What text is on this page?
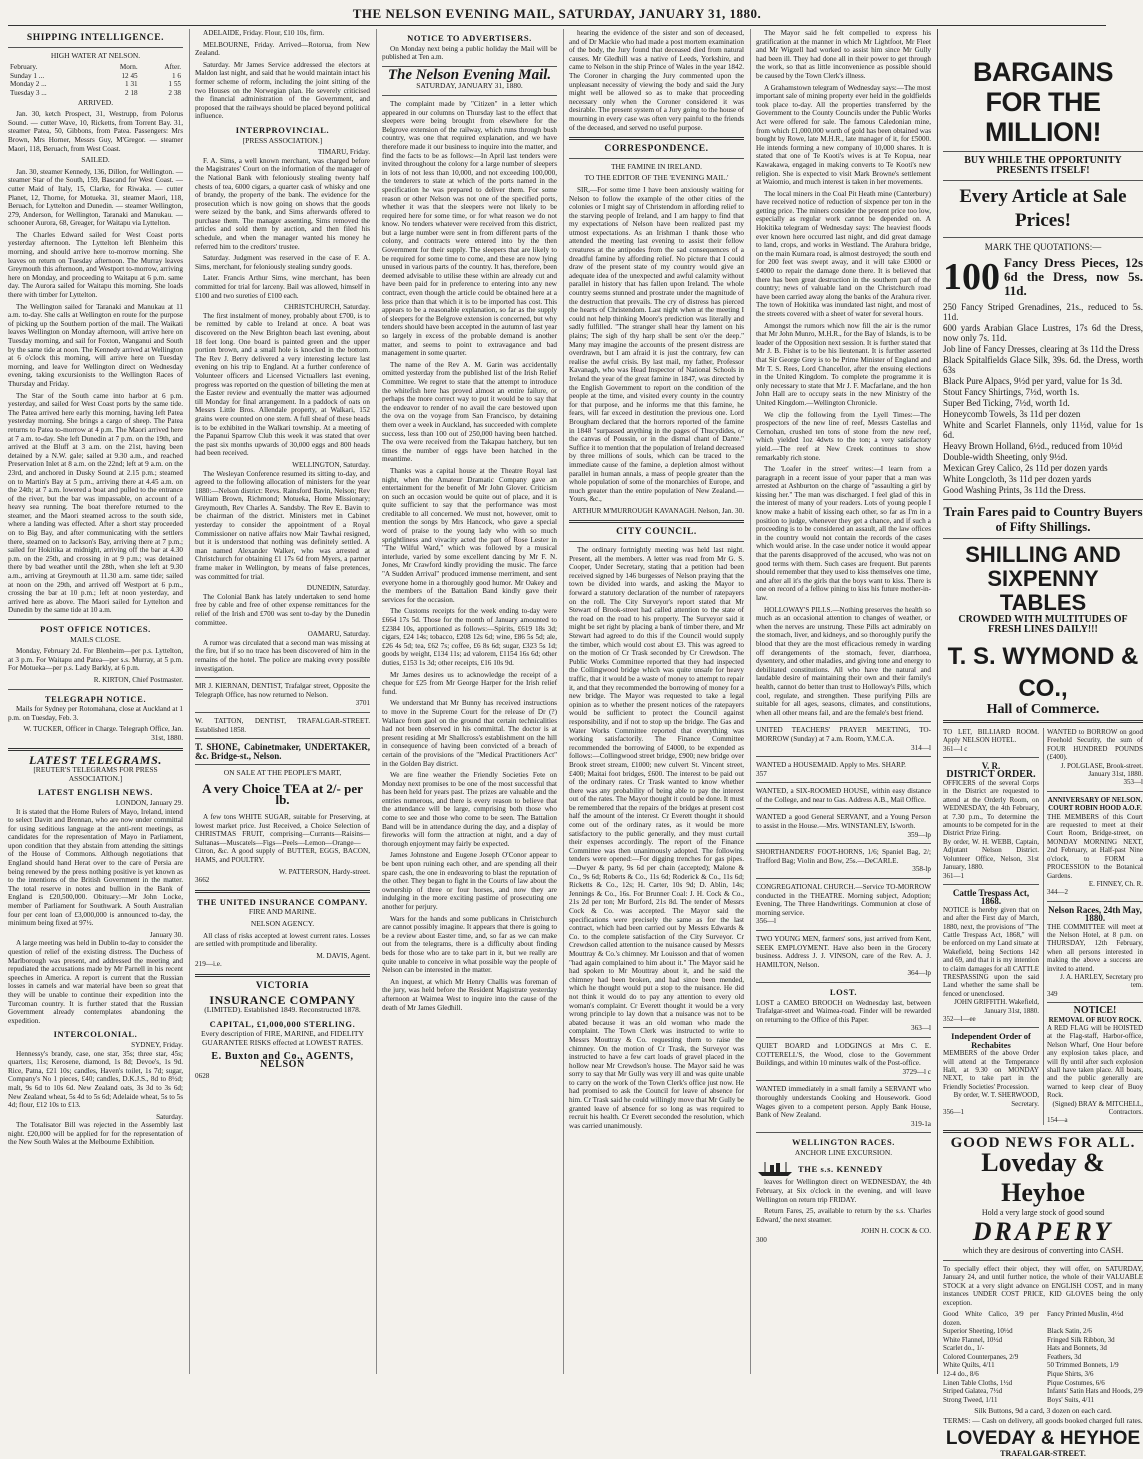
THE NELSON EVENING MAIL, SATURDAY, JANUARY 31, 1880.
SHIPPING INTELLIGENCE.
HIGH WATER AT NELSON.
February.	Morn.	After.
Sunday 1 ...	12 45	1 6
Monday 2 ...	1 31	1 55
Tuesday 3 ...	2 18	2 38
ARRIVED.

Jan. 30, ketch Prospect, 31, Westrupp, from Polorus Sound. — cutter Wave, 10, Ricketts, from Torrent Bay. 31, steamer Patea, 50, Gibbons, from Patea. Passengers: Mrs Brown, Mrs Horner, Messrs Guy, M'Gregor. — steamer Maori, 118, Beruach, from West Coast.

SAILED.

Jan. 30, steamer Kennedy, 136, Dillon, for Wellington. — steamer Star of the South, 159, Bascand for West Coast. — cutter Maid of Italy, 15, Clarke, for Riwaka. — cutter Planet, 12, Thorne, for Motueka. 31, steamer Maori, 118, Beruach, for Lyttelton and Dunedin. — steamer Wellington, 279, Anderson, for Wellington, Taranaki and Manukau. — schooner Aurora, 68, Greager, for Waitapu via Lyttelton.

The Charles Edward sailed for West Coast ports yesterday afternoon. The Lyttelton left Blenheim this morning, and should arrive here to-morrow morning. She leaves on return on Tuesday afternoon. The Murray leaves Greymouth this afternoon, and Westport to-morrow, arriving here on Monday, and proceeding to Waitapu at 6 p.m. same day. The Aurora sailed for Waitapu this morning. She loads there with timber for Lyttelton.

The Wellington sailed for Taranaki and Manukau at 11 a.m. to-day. She calls at Wellington en route for the purpose of picking up the Southern portion of the mail. The Waikati leaves Wellington on Monday afternoon, will arrive here on Tuesday morning, and sail for Foxton, Wanganui and South by the same tide at noon. The Kennedy arrived at Wellington at 6 o'clock this morning, will arrive here on Tuesday morning, and leave for Wellington direct on Wednesday evening, taking excursionists to the Wellington Races of Thursday and Friday.

The Star of the South came into harbor at 6 p.m. yesterday, and sailed for West Coast ports by the same tide. The Patea arrived here early this morning, having left Patea yesterday morning. She brings a cargo of sheep. The Patea returns to Patea to-morrow at 4 p.m. The Maori arrived here at 7 a.m. to-day. She left Dunedin at 7 p.m. on the 19th, and arrived at the Bluff at 3 a.m. on the 21st, having been detained by a N.W. gale; sailed at 9.30 a.m., and reached Preservation Inlet at 8 a.m. on the 22nd; left at 9 a.m. on the 23rd, and anchored in Dusky Sound at 2.15 p.m.; steamed on to Martin's Bay at 5 p.m., arriving there at 4.45 a.m. on the 24th; at 7 a.m. lowered a boat and pulled to the entrance of the river, but the bar was impassable, on account of a heavy sea running. The boat therefore returned to the steamer, and the Maori steamed across to the south side, where a landing was effected. After a short stay proceeded on to Big Bay, and after communicating with the settlers there, steamed on to Jackson's Bay, arriving there at 7 p.m.; sailed for Hokitika at midnight, arriving off the bar at 4.30 p.m. on the 25th, and crossing in at 9 p.m.; was detained there by bad weather until the 28th, when she left at 9.30 a.m., arriving at Greymouth at 11.30 a.m. same tide; sailed at noon on the 29th, and arrived off Westport at 6 p.m., crossing the bar at 10 p.m.; left at noon yesterday, and arrived here as above. The Maori sailed for Lyttelton and Dunedin by the same tide at 10 a.m.

POST OFFICE NOTICES.
MAILS CLOSE.

Monday, February 2d. For Blenheim—per p.s. Lyttelton, at 3 p.m. For Waitapu and Patea—per s.s. Murray, at 5 p.m. For Motueka—per p.s. Lady Barkly, at 6 p.m.

R. KIRTON, Chief Postmaster.
TELEGRAPH NOTICE.

Mails for Sydney per Rotomahana, close at Auckland at 1 p.m. on Tuesday, Feb. 3.

W. TUCKER, Officer in Charge. Telegraph Office, Jan. 31st, 1880.
LATEST TELEGRAMS.
[REUTER'S TELEGRAMS FOR PRESS ASSOCIATION.]
LATEST ENGLISH NEWS.
LONDON, January 29.

It is stated that the Home Rulers of Mayo, Ireland, intend to select Davitt and Brennan, who are now under committal for using seditious language at the anti-rent meetings, as candidates for the representation of Mayo in Parliament, upon condition that they abstain from attending the sittings of the House of Commons. Although negotiations that England should hand Herat over to the care of Persia are being renewed by the press nothing positive is yet known as to the intentions of the British Government in the matter. The total reserve in notes and bullion in the Bank of England is £20,500,000. Obituary:—Mr John Locke, member of Parliament for Southwark. A South Australian four per cent loan of £3,000,000 is announced to-day, the minimum being fixed at 97½.

January 30.

A large meeting was held in Dublin to-day to consider the question of relief of the existing distress. The Duchess of Marlborough was present, and addressed the meeting and repudiated the accusations made by Mr Parnell in his recent speeches in America. A report is current that the Russian losses in camels and war material have been so great that they will be unable to continue their expedition into the Turcoman country. It is further stated that the Russian Government already contemplates abandoning the expedition.

INTERCOLONIAL.
SYDNEY, Friday.

Hennessy's brandy, case, one star, 35s; three star, 45s; quarters, 11s; Kerosene, diamond, 1s 8d; Devoe's, 1s 9d. Rice, Patna, £21 10s; candles, Haven's toilet, 1s 7d; sugar, Company's No 1 pieces, £40; candles, D.K.J.S., 8d to 8½d; malt, 9s 6d to 10s 6d. New Zealand oats, 3s 3d to 3s 6d; New Zealand wheat, 5s 4d to 5s 6d; Adelaide wheat, 5s to 5s 4d; flour, £12 10s to £13.

Saturday.

The Totalisator Bill was rejected in the Assembly last night. £20,000 will be applied for for the representation of the New South Wales at the Melbourne Exhibition.

ADELAIDE, Friday. Flour, £10 10s, firm.

MELBOURNE, Friday. Arrived—Rotorua, from New Zealand.

Saturday. Mr James Service addressed the electors at Maldon last night, and said that he would maintain intact his former scheme of reform, including the joint sitting of the two Houses on the Norwegian plan. He severely criticised the financial administration of the Government, and proposed that the railways should be placed beyond political influence.

INTERPROVINCIAL.
[PRESS ASSOCIATION.]
TIMARU, Friday.

F. A. Sims, a well known merchant, was charged before the Magistrates' Court on the information of the manager of the National Bank with feloniously stealing twenty half chests of tea, 6000 cigars, a quarter cask of whisky and one of brandy, the property of the bank. The evidence for the prosecution which is now going on shows that the goods were seized by the bank, and Sims afterwards offered to purchase them. The manager assenting, Sims removed the articles and sold them by auction, and then filed his schedule, and when the manager wanted his money he referred him to the creditors' trustee.

Saturday. Judgment was reserved in the case of F. A. Sims, merchant, for feloniously stealing sundry goods.

Later. Francis Arthur Sims, wine merchant, has been committed for trial for larceny. Bail was allowed, himself in £100 and two sureties of £100 each.

CHRISTCHURCH, Saturday.

The first instalment of money, probably about £700, is to be remitted by cable to Ireland at once. A boat was discovered on the New Brighton beach last evening, about 18 feet long. One board is painted green and the upper portion brown, and a small hole is knocked in the bottom. The Rev J. Berry delivered a very interesting lecture last evening on his trip to England. At a further conference of Volunteer officers and Licensed Victuallers last evening, progress was reported on the question of billeting the men at the Easter review and eventually the matter was adjourned till Monday for final arrangement. In a paddock of oats on Messrs Little Bros. Allendale property, at Walkari, 152 grains were counted on one stem. A full sheaf of these heads is to be exhibited in the Walkari township. At a meeting of the Papanui Sparrow Club this week it was stated that over the past six months upwards of 30,000 eggs and 800 heads had been received.

WELLINGTON, Saturday.

The Wesleyan Conference resumed its sitting to-day, and agreed to the following allocation of ministers for the year 1880:—Nelson district: Revs. Rainsford Bavin, Nelson; Rev William Brown, Richmond; Motueka, Home Missionary; Greymouth, Rev Charles A. Sandsby. The Rev E. Bavin to be chairman of the district. Ministers met in Cabinet yesterday to consider the appointment of a Royal Commissioner on native affairs now Mair Tawhai resigned, but it is understood that nothing was definitely settled. A man named Alexander Walker, who was arrested at Christchurch for obtaining £1 17s 6d from Myers, a partner frame maker in Wellington, by means of false pretences, was committed for trial.

DUNEDIN, Saturday.

The Colonial Bank has lately undertaken to send home free by cable and free of other expense remittances for the relief of the Irish and £700 was sent to-day by the Dunedin committee.

OAMARU, Saturday.

A rumor was circulated that a second man was missing at the fire, but if so no trace has been discovered of him in the remains of the hotel. The police are making every possible investigation.

MR J. KIERNAN, DENTIST, Trafalgar street, Opposite the Telegraph Office, has now returned to Nelson.
3701
W. TATTON, DENTIST, TRAFALGAR-STREET. Established 1858.
T. SHONE, Cabinetmaker, UNDERTAKER, &c. Bridge-st., Nelson.
ON SALE AT THE PEOPLE'S MART,
A very Choice TEA at 2/- per lb.

A few tons WHITE SUGAR, suitable for Preserving, at lowest market price. Just Received, a Choice Selection of CHRISTMAS FRUIT, comprising—Currants—Raisins—Sultanas—Muscatels—Figs—Peels—Lemon—Orange—Citron, &c. A good supply of BUTTER, EGGS, BACON, HAMS, and POULTRY.

W. PATTERSON, Hardy-street.
3662
THE UNITED INSURANCE COMPANY.
FIRE AND MARINE.
NELSON AGENCY.

All class of risks accepted at lowest current rates. Losses are settled with promptitude and liberality.

M. DAVIS, Agent.
219—i.e.
VICTORIA
INSURANCE COMPANY
(LIMITED). Established 1849. Reconstructed 1878.
CAPITAL, £1,000,000 STERLING.
Every description of FIRE, MARINE, and FIDELITY GUARANTEE RISKS effected at LOWEST RATES.
E. Buxton and Co., AGENTS, NELSON
0628
NOTICE TO ADVERTISERS.

On Monday next being a public holiday the Mail will be published at Ten a.m.

The Nelson Evening Mail.
SATURDAY, JANUARY 31, 1880.

The complaint made by "Citizen" in a letter which appeared in our columns on Thursday last to the effect that sleepers were being brought from elsewhere for the Belgrove extension of the railway, which runs through bush country, was one that required explanation, and we have therefore made it our business to inquire into the matter, and find the facts to be as follows:—In April last tenders were invited throughout the colony for a large number of sleepers in lots of not less than 10,000, and not exceeding 100,000, the tenderers to state at which of the ports named in the specification he was prepared to deliver them. For some reason or other Nelson was not one of the specified ports, whether it was that the sleepers were not likely to be required here for some time, or for what reason we do not know. No tenders whatever were received from this district, but a large number were sent in from different parts of the colony, and contracts were entered into by the then Government for their supply. The sleepers that are likely to be required for some time to come, and these are now lying unused in various parts of the country. It has, therefore, been deemed advisable to utilise these within are already cut and have been paid for in preference to entering into any new contract, even though the article could be obtained here at a less price than that which it is to be imported has cost. This appears to be a reasonable explanation, so far as the supply of sleepers for the Belgrove extension is concerned, but why tenders should have been accepted in the autumn of last year so largely in excess of the probable demand is another matter, and seems to point to extravagance and bad management in some quarter.

The name of the Rev A. M. Garin was accidentally omitted yesterday from the published list of the Irish Relief Committee. We regret to state that the attempt to introduce the whitefish here has proved almost an entire failure, or perhaps the more correct way to put it would be to say that the endeavor to render of no avail the care bestowed upon the ova on the voyage from San Francisco, by detaining them over a week in Auckland, has succeeded with complete success, less than 100 out of 250,000 having been hatched. The ova were received from the Takapau hatchery, but ten times the number of eggs have been hatched in the meantime.

Thanks was a capital house at the Theatre Royal last night, when the Amateur Dramatic Company gave an entertainment for the benefit of Mr John Glover. Criticism on such an occasion would be quite out of place, and it is quite sufficient to say that the performance was most creditable to all concerned. We must not, however, omit to mention the songs by Mrs Hancock, who gave a special word of praise to the young lady who with so much sprightliness and vivacity acted the part of Rose Lester in "The Wilful Ward," which was followed by a musical interlude, varied by some excellent dancing by Mr F. N. Jones, Mr Crawford kindly providing the music. The farce "A Sudden Arrival" produced immense merriment, and sent everyone home in a thoroughly good humor. Mr Oakey and the members of the Battalion Band kindly gave their services for the occasion.

The Customs receipts for the week ending to-day were £664 17s 5d. Those for the month of January amounted to £2384 10s, apportioned as follows:—Spirits, £619 18s 3d; cigars, £24 14s; tobacco, £208 12s 6d; wine, £86 5s 5d; ale, £26 4s 5d; tea, £62 7s; coffee, £6 8s 6d; sugar, £323 5s 1d; goods by weight, £134 11s; ad valorem, £1154 16s 6d; other duties, £153 1s 3d; other receipts, £16 10s 9d.

Mr James desires us to acknowledge the receipt of a cheque for £25 from Mr George Harper for the Irish relief fund.

We understand that Mr Bunny has received instructions to move in the Supreme Court for the release of Dr (?) Wallace from gaol on the ground that certain technicalities had not been observed in his committal. The doctor is at present residing at Mr Shallcross's establishment on the hill in consequence of having been convicted of a breach of certain of the provisions of the "Medical Practitioners Act" in the Golden Bay district.

We are fine weather the Friendly Societies Fete on Monday next promises to be one of the most successful that has been held for years past. The prizes are valuable and the entries numerous, and there is every reason to believe that the attendance will be large, comprising both those who come to see and those who come to be seen. The Battalion Band will be in attendance during the day, and a display of fireworks will form the attraction at night, and a day of thorough enjoyment may fairly be expected.

James Johnstone and Eugene Joseph O'Conor appear to be bent upon ruining each other, and are spending all their spare cash, the one in endeavoring to blast the reputation of the other. They began to fight in the Courts of law about the ownership of three or four horses, and now they are indulging in the more exciting pastime of prosecuting one another for perjury.

Wars for the hands and some publicans in Christchurch are cannot possibly imagine. It appears that there is going to be a review about Easter time, and, so far as we can make out from the telegrams, there is a difficulty about finding beds for those who are to take part in it, but we really are quite unable to conceive in what possible way the people of Nelson can be interested in the matter.

An inquest, at which Mr Henry Challis was foreman of the jury, was held before the Resident Magistrate yesterday afternoon at Waimea West to inquire into the cause of the death of Mr James Gledhill.

hearing the evidence of the sister and son of deceased, and of Dr Mackie who had made a post mortem examination of the body, the Jury found that deceased died from natural causes. Mr Gledhill was a native of Leeds, Yorkshire, and came to Nelson in the ship Prince of Wales in the year 1842. The Coroner in charging the Jury commented upon the unpleasant necessity of viewing the body and said the Jury might well be allowed so as to make that proceeding necessary only when the Coroner considered it was desirable. The present system of a Jury going to the house of mourning in every case was often very painful to the friends of the deceased, and served no useful purpose.

CORRESPONDENCE.
THE FAMINE IN IRELAND.
TO THE EDITOR OF THE 'EVENING MAIL.'

SIR,—For some time I have been anxiously waiting for Nelson to follow the example of the other cities of the colonies or I might say of Christendom in affording relief to the starving people of Ireland, and I am happy to find that my expectations of Nelson have been realized past my utmost expectations. As an Irishman I thank those who attended the meeting last evening to assist their fellow creatures at the antipodes from the sad consequences of a dreadful famine by affording relief. No picture that I could draw of the present state of my country would give an adequate idea of the unexpected and awful calamity without parallel in history that has fallen upon Ireland. The whole country seems stunned and prostrate under the magnitude of the destruction that prevails. The cry of distress has pierced the hearts of Christendom. Last night when at the meeting I could not help thinking Moore's prediction was literally and sadly fulfilled. "The stranger shall hear thy lament on his plains; The sigh of thy harp shall be sent o'er the deep." Many may imagine the accounts of the present distress are overdrawn, but I am afraid it is just the contrary, few can realise the awful crisis. By last mail, my father, Professor Kavanagh, who was Head Inspector of National Schools in Ireland the year of the great famine in 1847, was directed by the English Government to report on the condition of the people at the time, and visited every county in the country for that purpose, and he informs me that this famine, he fears, will far exceed in destitution the previous one. Lord Brougham declared that the horrors reported of the famine in 1848 "surpassed anything in the pages of Thucydides, or the canvas of Poussin, or in the dismal chant of Dante." Suffice it to mention that the population of Ireland decreased by three millions of souls, which can be traced to the immediate cause of the famine, a depletion almost without parallel in human annals, a mass of people greater than the whole population of some of the monarchies of Europe, and much greater than the entire population of New Zealand.—Yours, &c.,

ARTHUR M'MURROUGH KAVANAGH. Nelson, Jan. 30.
CITY COUNCIL.

The ordinary fortnightly meeting was held last night. Present, all the members. A letter was read from Mr G. S. Cooper, Under Secretary, stating that a petition had been received signed by 146 burgesses of Nelson praying that the town be divided into wards, and asking the Mayor to forward a statutory declaration of the number of ratepayers on the roll. The City Surveyor's report stated that Mr Stewart of Brook-street had called attention to the state of the road on the road to his property. The Surveyor said it might be set right by placing a bank of timber there, and Mr Stewart had agreed to do this if the Council would supply the timber, which would cost about £3. This was agreed to on the motion of Cr Trask seconded by Cr Crewdson. The Public Works Committee reported that they had inspected the Collingwood bridge which was quite unsafe for heavy traffic, that it would be a waste of money to attempt to repair it, and that they recommended the borrowing of money for a new bridge. The Mayor was requested to take a legal opinion as to whether the present notices of the ratepayers would be sufficient to protect the Council against responsibility, and if not to stop up the bridge. The Gas and Water Works Committee reported that everything was working satisfactorily. The Finance Committee recommended the borrowing of £4000, to be expended as follows:—Collingwood street bridge, £900; new bridge over Brook street stream, £1000; new culvert St. Vincent street, £400; Maitai foot bridges, £600. The interest to be paid out of the ordinary rates. Cr Trask wanted to know whether there was any probability of being able to pay the interest out of the rates. The Mayor thought it could be done. It must be remembered that the repairs of the bridges at present cost half the amount of the interest. Cr Everett thought it should come out of the ordinary rates, as it would be more satisfactory to the public generally, and they must curtail their expenses accordingly. The report of the Finance Committee was then unanimously adopted. The following tenders were opened:—For digging trenches for gas pipes.—Dwyer & party, 9s 6d per chain (accepted); Malone & Co., 9s 6d; Roberts & Co., 11s 6d; Roderick & Co., 11s 6d; Ricketts & Co., 12s; H. Carter, 10s 9d; D. Ablin, 14s; Jennings & Co., 16s. For Brunner Coal: J. H. Cock & Co., 21s 2d per ton; Mr Burford, 21s 8d. The tender of Messrs Cock & Co. was accepted. The Mayor said the specifications were precisely the same as for the last contract, which had been carried out by Messrs Edwards & Co. to the complete satisfaction of the City Surveyor. Cr Crewdson called attention to the nuisance caused by Messrs Mouttray & Co.'s chimney. Mr Louisson and that of women "had again complained to him about it." The Mayor said he had spoken to Mr Mouttray about it, and he said the chimney had been broken, and had since been mended, which he thought would put a stop to the nuisance. He did not think it would do to pay any attention to every old woman's complaint. Cr Everett thought it would be a very wrong principle to lay down that a nuisance was not to be abated because it was an old woman who made the complaint. The Town Clerk was instructed to write to Messrs Mouttray & Co. requesting them to raise the chimney. On the motion of Cr Trask, the Surveyor was instructed to have a few cart loads of gravel placed in the hollow near Mr Crewdson's house. The Mayor said he was sorry to say that Mr Gully was very ill and was quite unable to carry on the work of the Town Clerk's office just now. He had promised to ask the Council for leave of absence for him. Cr Trask said he could willingly move that Mr Gully be granted leave of absence for so long as was required to recruit his health. Cr Everett seconded the resolution, which was carried unanimously.

The Mayor said he felt compelled to express his gratification at the manner in which Mr Lightfoot, Mr Fleet and Mr Wigzell had worked to assist him since Mr Gully had been ill. They had done all in their power to get through the work, so that as little inconvenience as possible should be caused by the Town Clerk's illness.

A Grahamstown telegram of Wednesday says:—The most important sale of mining property ever held in the goldfields took place to-day. All the properties transferred by the Government to the County Councils under the Public Works Act were offered for sale. The famous Caledonian mine, from which £1,000,000 worth of gold has been obtained was bought by Rowe, late M.H.R., late manager of it, for £5000. He intends forming a new company of 10,000 shares. It is stated that one of Te Kooti's wives is at Te Kopua, near Kawakawa, engaged in making converts to Te Kooti's new religion. She is expected to visit Mark Browne's settlement at Waiomio, and much interest is taken in her movements.

The local miners in the Coal Pit Heath mine (Canterbury) have received notice of reduction of sixpence per ton in the getting price. The miners consider the present price too low, especially as regular work cannot be depended on. A Hokitika telegram of Wednesday says: The heaviest floods ever known here occurred last night, and did great damage to land, crops, and works in Westland. The Arahura bridge, on the main Kumara road, is almost destroyed; the south end for 200 feet was swept away, and it will take £3000 or £4000 to repair the damage done there. It is believed that there has been great destruction in the southern part of the country; news of valuable land on the Christchurch road have been carried away along the banks of the Arahura river. The town of Hokitika was inundated last night, and most of the streets covered with a sheet of water for several hours.

Amongst the rumors which now fill the air is the rumor that Mr John Munro, M.H.R., for the Bay of Islands, is to be leader of the Opposition next session. It is further stated that Mr J. B. Fisher is to be his lieutenant. It is further asserted that Sir George Grey is to be Prime Minister of England and Mr T. S. Rees, Lord Chancellor, after the ensuing elections in the United Kingdom. To complete the programme it is only necessary to state that Mr J. F. Macfarlane, and the hon John Hall are to occupy seats in the new Ministry of the United Kingdom.—Wellington Chronicle.

We clip the following from the Lyell Times:—The prospectors of the new line of reef, Messrs Castellas and Cernohan, crushed ten tons of stone from the new reef, which yielded 1oz 4dwts to the ton; a very satisfactory yield.—The reef at New Creek continues to show remarkably rich stone.

The 'Loafer in the street' writes:—I learn from a paragraph in a recent issue of your paper that a man was arrested at Ashburton on the charge of "assaulting a girl by kissing her." The man was discharged. I feel glad of this in the interest of many of your readers. Lots of young people I know make a habit of kissing each other, so far as I'm in a position to judge, whenever they get a chance, and if such a proceeding is to be considered an assault, all the law offices in the country would not contain the records of the cases which would arise. In the case under notice it would appear that the parents disapproved of the accused, who was not on good terms with them. Such cases are frequent. But parents should remember that they used to kiss themselves one time, and after all it's the girls that the boys want to kiss. There is one on record of a fellow pining to kiss his future mother-in-law.

HOLLOWAY'S PILLS.—Nothing preserves the health so much as an occasional attention to changes of weather, or when the nerves are unstrung. These Pills act admirably on the stomach, liver, and kidneys, and so thoroughly purify the blood that they are the most efficacious remedy in warding off derangements of the stomach, fever, diarrhoea, dysentery, and other maladies, and giving tone and energy to debilitated constitutions. All who have the natural and laudable desire of maintaining their own and their family's health, cannot do better than trust to Holloway's Pills, which cool, regulate, and strengthen. These purifying Pills are suitable for all ages, seasons, climates, and constitutions, when all other means fail, and are the female's best friend.

UNITED TEACHERS' PRAYER MEETING, TO-MORROW (Sunday) at 7 a.m. Room, Y.M.C.A.
314—l
WANTED a HOUSEMAID. Apply to Mrs. SHARP.
357
WANTED, a SIX-ROOMED HOUSE, within easy distance of the College, and near to Gas. Address A.B., Mail Office.
WANTED a good General SERVANT, and a Young Person to assist in the House.—Mrs. WINSTANLEY, Is'worth.
359—lp
SHORTHANDERS' FOOT-HORNS, 1/6; Spaniel Bag, 2/; Trafford Bag; Violin and Bow, 25s.—DeCARLE.
358-lp
CONGREGATIONAL CHURCH.—Service TO-MORROW conducted in the THEATRE. Morning subject, Adoption; Evening, The Three Handwritings. Communion at close of morning service.
356—l
TWO YOUNG MEN, farmers' sons, just arrived from Kent, SEEK EMPLOYMENT. Have also been in the Grocery business. Address J. J. VINSON, care of the Rev. A. J. HAMILTON, Nelson.
364—lp
LOST.
LOST a CAMEO BROOCH on Wednesday last, between Trafalgar-street and Waimea-road. Finder will be rewarded on returning to the Office of this Paper.
363—l
QUIET BOARD and LODGINGS at Mrs C. E. COTTERELL'S, the Wood, close to the Government Buildings, and within 10 minutes walk of the Post-office.
3729—l c
WANTED immediately in a small family a SERVANT who thoroughly understands Cooking and Housework. Good Wages given to a competent person. Apply Bank House, Bank of New Zealand.
319-1a
WELLINGTON RACES.
ANCHOR LINE EXCURSION.
THE s.s. KENNEDY

leaves for Wellington direct on WEDNESDAY, the 4th February, at Six o'clock in the evening, and will leave Wellington on return trip FRIDAY.

Return Fares, 25, available to return by the s.s. 'Charles Edward,' the next steamer.

JOHN H. COCK & CO.
300
BARGAINS FOR THE MILLION!
BUY WHILE THE OPPORTUNITY PRESENTS ITSELF!
Every Article at Sale Prices!
MARK THE QUOTATIONS:—
100 Fancy Dress Pieces, 12s 6d the Dress, now 5s. 11d.
250 Fancy Striped Grenadines, 21s., reduced to 5s. 11d.
600 yards Arabian Glace Lustres, 17s 6d the Dress, now only 7s. 11d.
Job line of Fancy Dresses, clearing at 3s 11d the Dress
Black Spitalfields Glace Silk, 39s. 6d. the Dress, worth 63s
Black Pure Alpacs, 9½d per yard, value for 1s 3d.
Stout Fancy Shirtings, 7½d, worth 1s.
Super Bed Ticking, 7½d, worth 1d.
Honeycomb Towels, 3s 11d per dozen
White and Scarlet Flannels, only 11½d, value for 1s 6d.
Heavy Brown Holland, 6½d., reduced from 10½d
Double-width Sheeting, only 9½d.
Mexican Grey Calico, 2s 11d per dozen yards
White Longcloth, 3s 11d per dozen yards
Good Washing Prints, 3s 11d the Dress.
Train Fares paid to Country Buyers of Fifty Shillings.
SHILLING AND SIXPENNY TABLES
CROWDED WITH MULTITUDES OF FRESH LINES DAILY!!!
T. S. WYMOND & CO.,
Hall of Commerce.
TO LET, BILLIARD ROOM. Apply NELSON HOTEL.
361—l c
V. R.
DISTRICT ORDER.
OFFICERS of the several Corps in the District are requested to attend at the Orderly Room, on WEDNESDAY, the 4th February, at 7.30 p.m., To determine the amounts to be competed for in the District Prize Firing.
By order, W. H. WEBB, Captain, Adjutant Nelson District. Volunteer Office, Nelson, 31st January, 1880.
361—1
Cattle Trespass Act, 1868.
NOTICE is hereby given that on and after the First day of March, 1880, next, the provisions of "The Cattle Trespass Act, 1868," will be enforced on my Land situate at Wakefield, being Sections 142 and 69, and that it is my intention to claim damages for all CATTLE TRESPASSING upon the said Land whether the same shall be fenced or unenclosed.
JOHN GRIFFITH. Wakefield, January 31st, 1880.
352—l—ee
Independent Order of Rechabites
MEMBERS of the above Order will attend at the Temperance Hall, at 9.30 on MONDAY NEXT, to take part in the Friendly Societies' Procession.
By order, W. T. SHERWOOD, Secretary.
356—1
WANTED to BORROW on good Freehold Security, the sum of FOUR HUNDRED POUNDS (£400).
J. POLGLASE, Brook-street. January 31st, 1880.
353—l
ANNIVERSARY OF NELSON.
COURT ROBIN HOOD A.O.F.
THE MEMBERS of this Court are requested to meet at their Court Room, Bridge-street, on MONDAY MORNING NEXT, 2nd February, at Half-past Nine o'clock, to FORM a PROCESSION to the Botanical Gardens.
E. FINNEY, Ch. R.
344—2
Nelson Races, 24th May, 1880.
THE COMMITTEE will meet at the Nelson Hotel, at 8 p.m. on THURSDAY, 12th February, when all persons interested in making the above a success are invited to attend.
J. A. HARLEY, Secretary pro tem.
349
NOTICE!
REMOVAL OF BUOY ROCK.
A RED FLAG will be HOISTED at the Flag-staff, Harbor-office, Nelson Wharf, One Hour before any explosion takes place, and will fly until after such explosion shall have taken place. All boats, and the public generally are warned to keep clear of Buoy Rock.
(Signed) BRAY & MITCHELL, Contractors.
154—a
GOOD NEWS FOR ALL.
Loveday & Heyhoe
Hold a very large stock of good sound
DRAPERY
which they are desirous of converting into CASH.
To specially effect their object, they will offer, on SATURDAY, January 24, and until further notice, the whole of their VALUABLE STOCK at a very slight advance on ENGLISH COST, and in many instances UNDER COST PRICE, KID GLOVES being the only exception.
Good White Calico, 3/9 per dozen.
Fancy Printed Muslin, 4½d
Superior Sheeting, 10½d	Black Satin, 2/6
White Flannel, 10½d	Fringed Silk Ribbon, 3d
Scarlet do., 1/-	Hats and Bonnets, 3d
Colored Counterpanes, 2/9	Feathers, 3d
White Quilts, 4/11	50 Trimmed Bonnets, 1/9
12-4 do., 8/6	Pique Shirts, 3/6
Linen Table Cloths, 1½d	Pique Costumes, 6/6
Striped Galatea, 7½d	Infants' Satin Hats and Hoods, 2/9
Strong Tweed, 1/11	Boys' Suits, 4/11
Silk Buttons, 9d a card, 3 dozen on each card.
TERMS: — Cash on delivery, all goods booked charged full rates.
LOVEDAY & HEYHOE
TRAFALGAR-STREET.
